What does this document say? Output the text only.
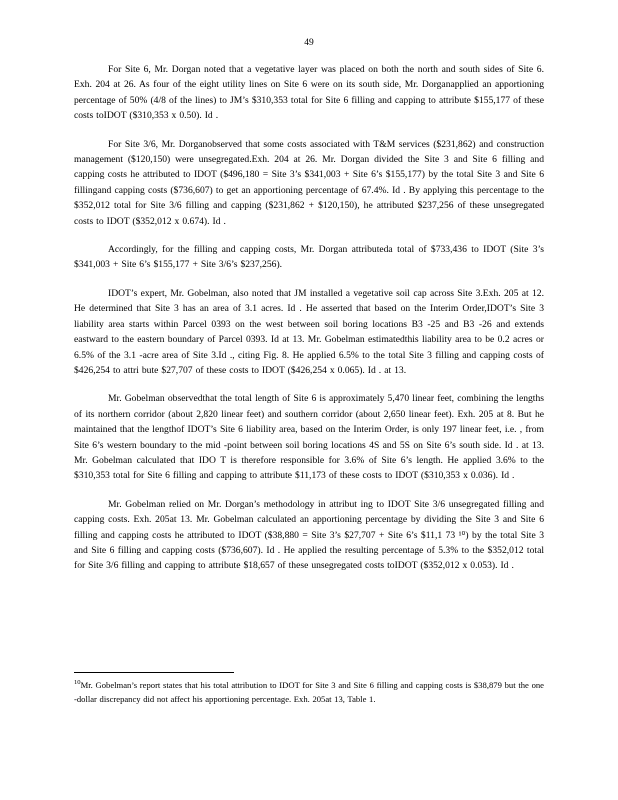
49

For Site 6, Mr. Dorgan noted that a vegetative layer was placed on both the north and south sides of Site 6. Exh. 204 at 26. As four of the eight utility lines on Site 6 were on its south side, Mr. Dorganapplied an apportioning percentage of 50% (4/8 of the lines) to JM’s $310,353 total for Site 6 filling and capping to attribute $155,177 of these costs toIDOT ($310,353 x 0.50). Id .

For Site 3/6, Mr. Dorganobserved that some costs associated with T&M services ($231,862) and construction management ($120,150) were unsegregated.Exh. 204 at 26. Mr. Dorgan divided the Site 3 and Site 6 filling and capping costs he attributed to IDOT ($496,180 = Site 3’s $341,003 + Site 6’s $155,177) by the total Site 3 and Site 6 fillingand capping costs ($736,607) to get an apportioning percentage of 67.4%. Id . By applying this percentage to the $352,012 total for Site 3/6 filling and capping ($231,862 + $120,150), he attributed $237,256 of these unsegregated costs to IDOT ($352,012 x 0.674). Id .

Accordingly, for the filling and capping costs, Mr. Dorgan attributeda total of $733,436 to IDOT (Site 3’s $341,003 + Site 6’s $155,177 + Site 3/6’s $237,256).

IDOT’s expert, Mr. Gobelman, also noted that JM installed a vegetative soil cap across Site 3.Exh. 205 at 12. He determined that Site 3 has an area of 3.1 acres. Id . He asserted that based on the Interim Order,IDOT’s Site 3 liability area starts within Parcel 0393 on the west between soil boring locations B3 -25 and B3 -26 and extends eastward to the eastern boundary of Parcel 0393. Id at 13. Mr. Gobelman estimatedthis liability area to be 0.2 acres or 6.5% of the 3.1 -acre area of Site 3.Id ., citing Fig. 8. He applied 6.5% to the total Site 3 filling and capping costs of $426,254 to attri bute $27,707 of these costs to IDOT ($426,254 x 0.065). Id . at 13.

Mr. Gobelman observedthat the total length of Site 6 is approximately 5,470 linear feet, combining the lengths of its northern corridor (about 2,820 linear feet) and southern corridor (about 2,650 linear feet). Exh. 205 at 8. But he maintained that the lengthof IDOT’s Site 6 liability area, based on the Interim Order, is only 197 linear feet, i.e. , from Site 6’s western boundary to the mid -point between soil boring locations 4S and 5S on Site 6’s south side. Id . at 13. Mr. Gobelman calculated that IDO T is therefore responsible for 3.6% of Site 6’s length. He applied 3.6% to the $310,353 total for Site 6 filling and capping to attribute $11,173 of these costs to IDOT ($310,353 x 0.036). Id .

Mr. Gobelman relied on Mr. Dorgan’s methodology in attribut ing to IDOT Site 3/6 unsegregated filling and capping costs. Exh. 205at 13. Mr. Gobelman calculated an apportioning percentage by dividing the Site 3 and Site 6 filling and capping costs he attributed to IDOT ($38,880 = Site 3’s $27,707 + Site 6’s $11,1 73 ¹⁰) by the total Site 3 and Site 6 filling and capping costs ($736,607). Id . He applied the resulting percentage of 5.3% to the $352,012 total for Site 3/6 filling and capping to attribute $18,657 of these unsegregated costs toIDOT ($352,012 x 0.053). Id .

$^{10}$Mr. Gobelman’s report states that his total attribution to IDOT for Site 3 and Site 6 filling and capping costs is $38,879 but the one -dollar discrepancy did not affect his apportioning percentage. Exh. 205at 13, Table 1.
